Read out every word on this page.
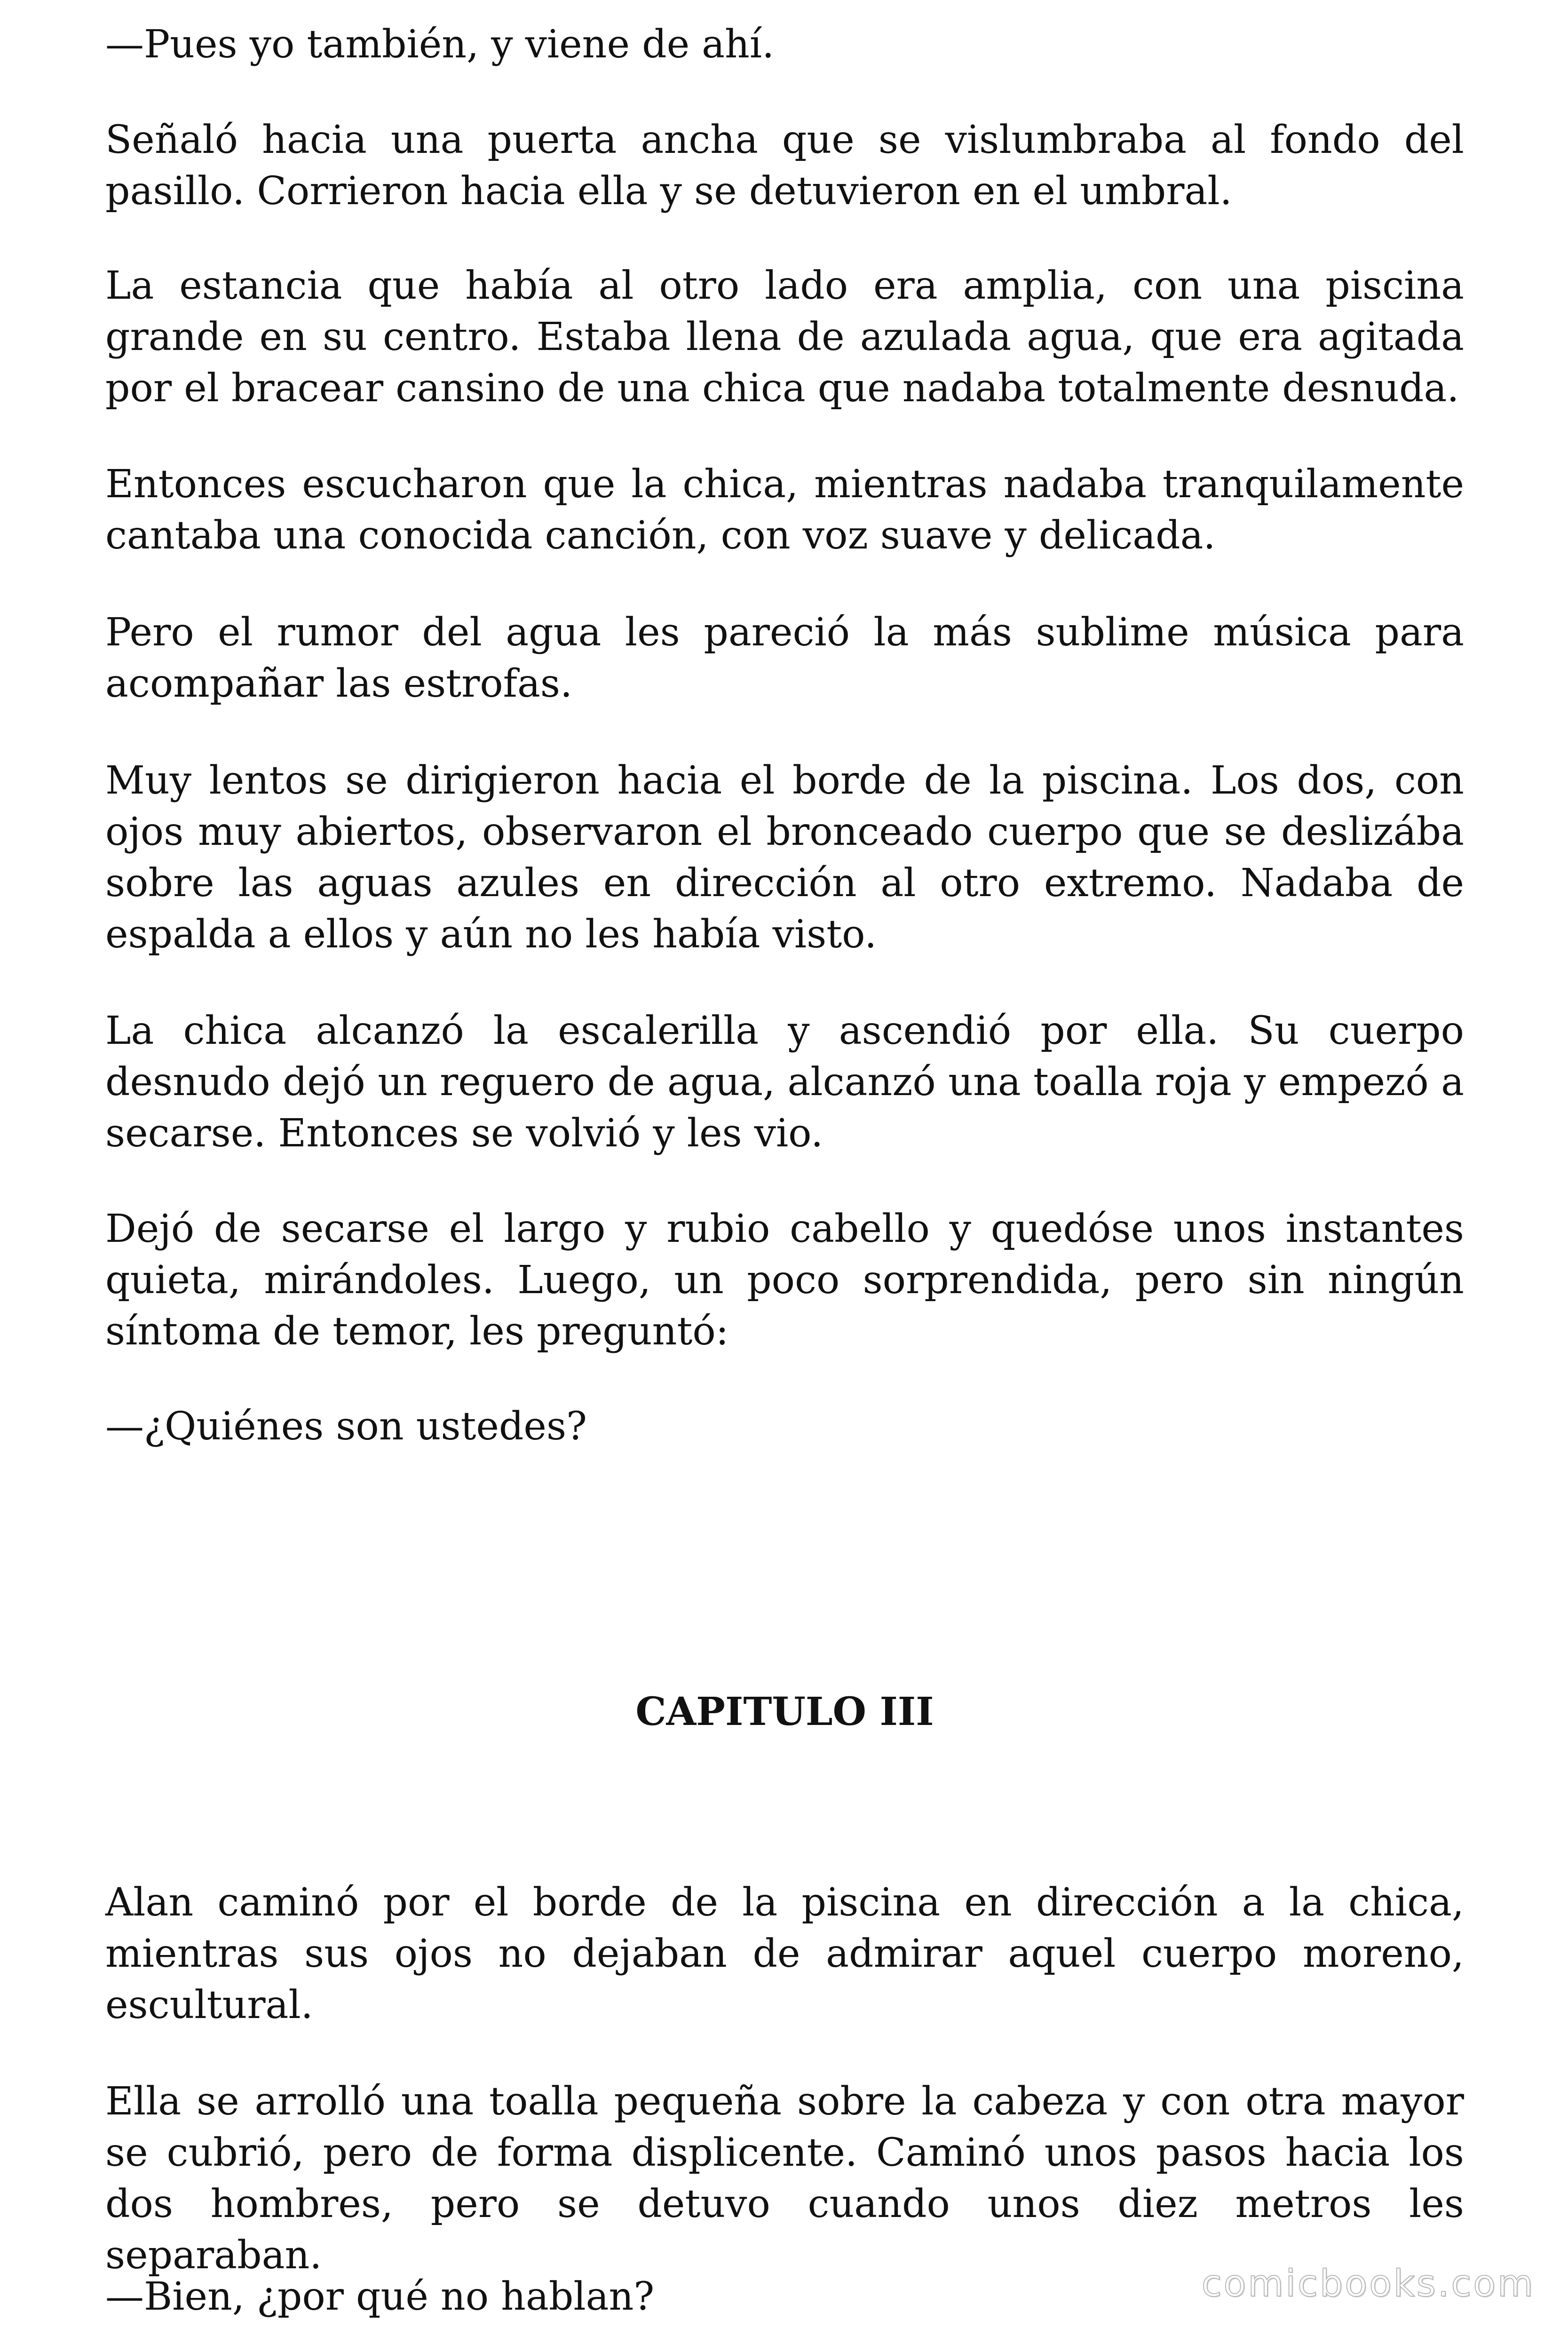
—Pues yo también, y viene de ahí.

Señaló hacia una puerta ancha que se vislumbraba al fondo del pasillo. Corrieron hacia ella y se detuvieron en el umbral.

La estancia que había al otro lado era amplia, con una piscina grande en su centro. Estaba llena de azulada agua, que era agitada por el bracear cansino de una chica que nadaba totalmente desnuda.

Entonces escucharon que la chica, mientras nadaba tranquilamente cantaba una conocida canción, con voz suave y delicada.

Pero el rumor del agua les pareció la más sublime música para acompañar las estrofas.

Muy lentos se dirigieron hacia el borde de la piscina. Los dos, con ojos muy abiertos, observaron el bronceado cuerpo que se deslizába sobre las aguas azules en dirección al otro extremo. Nadaba de espalda a ellos y aún no les había visto.

La chica alcanzó la escalerilla y ascendió por ella. Su cuerpo desnudo dejó un reguero de agua, alcanzó una toalla roja y empezó a secarse. Entonces se volvió y les vio.

Dejó de secarse el largo y rubio cabello y quedóse unos instantes quieta, mirándoles. Luego, un poco sorprendida, pero sin ningún síntoma de temor, les preguntó:

—¿Quiénes son ustedes?

CAPITULO III

Alan caminó por el borde de la piscina en dirección a la chica, mientras sus ojos no dejaban de admirar aquel cuerpo moreno, escultural.

Ella se arrolló una toalla pequeña sobre la cabeza y con otra mayor se cubrió, pero de forma displicente. Caminó unos pasos hacia los dos hombres, pero se detuvo cuando unos diez metros les separaban.

—Bien, ¿por qué no hablan?	comicbooks.com
